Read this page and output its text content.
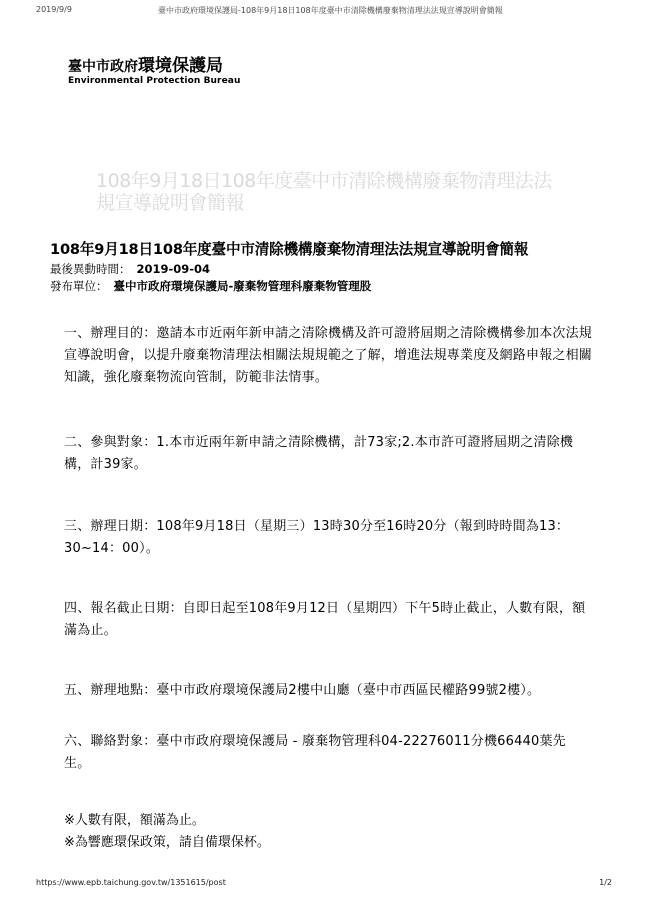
2019/9/9	臺中市政府環境保護局-108年9月18日108年度臺中市清除機構廢棄物清理法法規宣導說明會簡報
臺中市政府環境保護局
Environmental Protection Bureau
108年9月18日108年度臺中市清除機構廢棄物清理法法規宣導說明會簡報
108年9月18日108年度臺中市清除機構廢棄物清理法法規宣導說明會簡報
最後異動時間： 2019-09-04
發布單位： 臺中市政府環境保護局-廢棄物管理科廢棄物管理股
一、辦理目的：邀請本市近兩年新申請之清除機構及許可證將屆期之清除機構參加本次法規宣導說明會，以提升廢棄物清理法相關法規規範之了解，增進法規專業度及網路申報之相關知識，強化廢棄物流向管制，防範非法情事。
二、參與對象：1.本市近兩年新申請之清除機構，計73家;2.本市許可證將屆期之清除機構，計39家。
三、辦理日期：108年9月18日（星期三）13時30分至16時20分（報到時時間為13：30~14：00）。
四、報名截止日期：自即日起至108年9月12日（星期四）下午5時止截止，人數有限，額滿為止。
五、辦理地點：臺中市政府環境保護局2樓中山廳（臺中市西區民權路99號2樓）。
六、聯絡對象：臺中市政府環境保護局 - 廢棄物管理科04-22276011分機66440葉先生。
※人數有限，額滿為止。
※為響應環保政策，請自備環保杯。
https://www.epb.taichung.gov.tw/1351615/post	1/2
